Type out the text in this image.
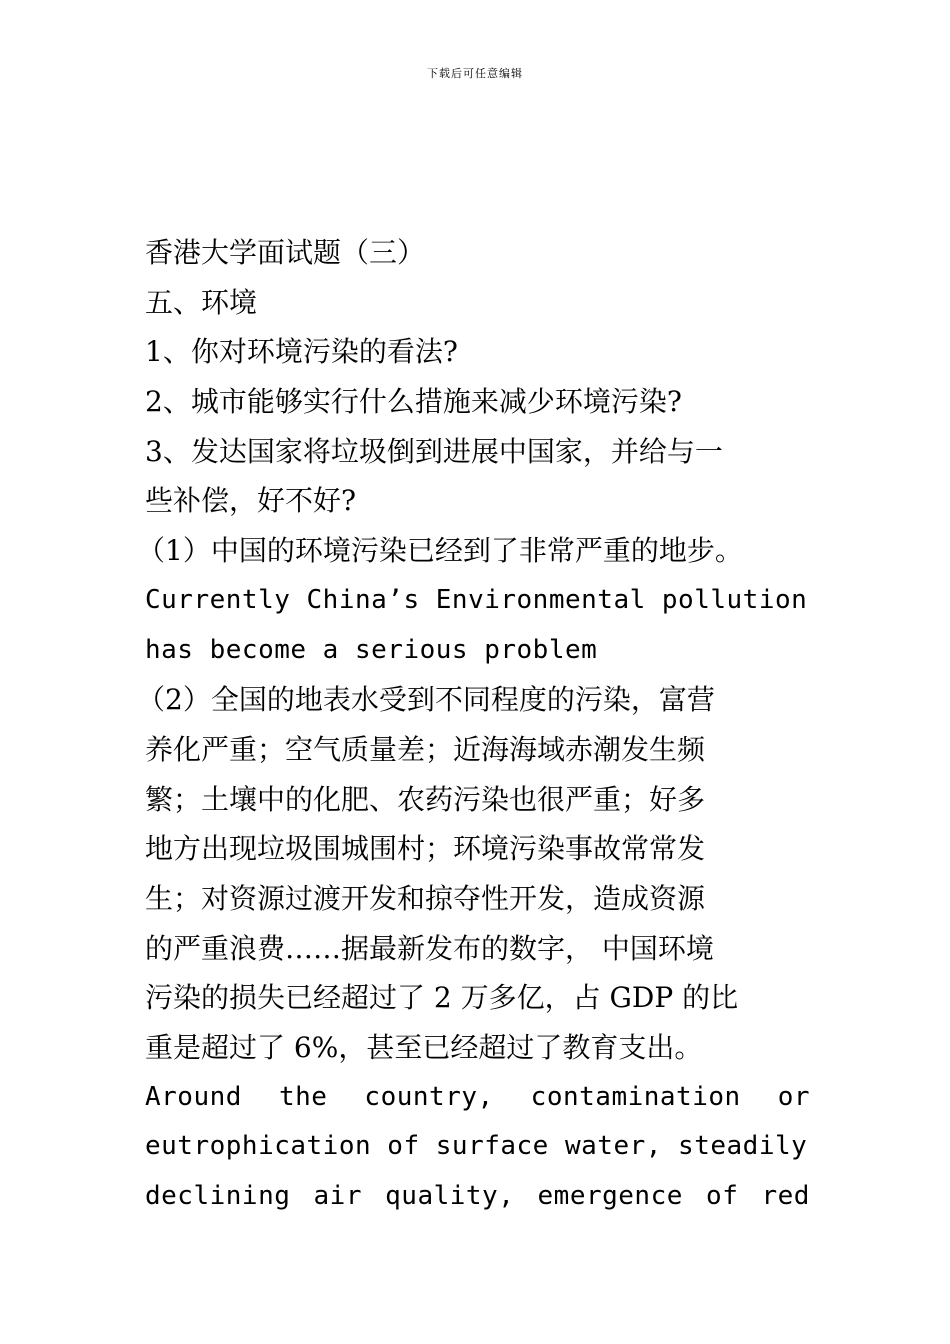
下载后可任意编辑
香港大学面试题（三）
五、环境
1、你对环境污染的看法?
2、城市能够实行什么措施来减少环境污染?
3、发达国家将垃圾倒到进展中国家，并给与一
些补偿，好不好?
（1）中国的环境污染已经到了非常严重的地步。
Currently China’s Environmental pollution
has become a serious problem
（2）全国的地表水受到不同程度的污染，富营
养化严重；空气质量差；近海海域赤潮发生频
繁；土壤中的化肥、农药污染也很严重；好多
地方出现垃圾围城围村；环境污染事故常常发
生；对资源过渡开发和掠夺性开发，造成资源
的严重浪费……据最新发布的数字， 中国环境
污染的损失已经超过了 2 万多亿，占 GDP 的比
重是超过了 6%，甚至已经超过了教育支出。
Around the country, contamination or
eutrophication of surface water, steadily
declining air quality, emergence of red
